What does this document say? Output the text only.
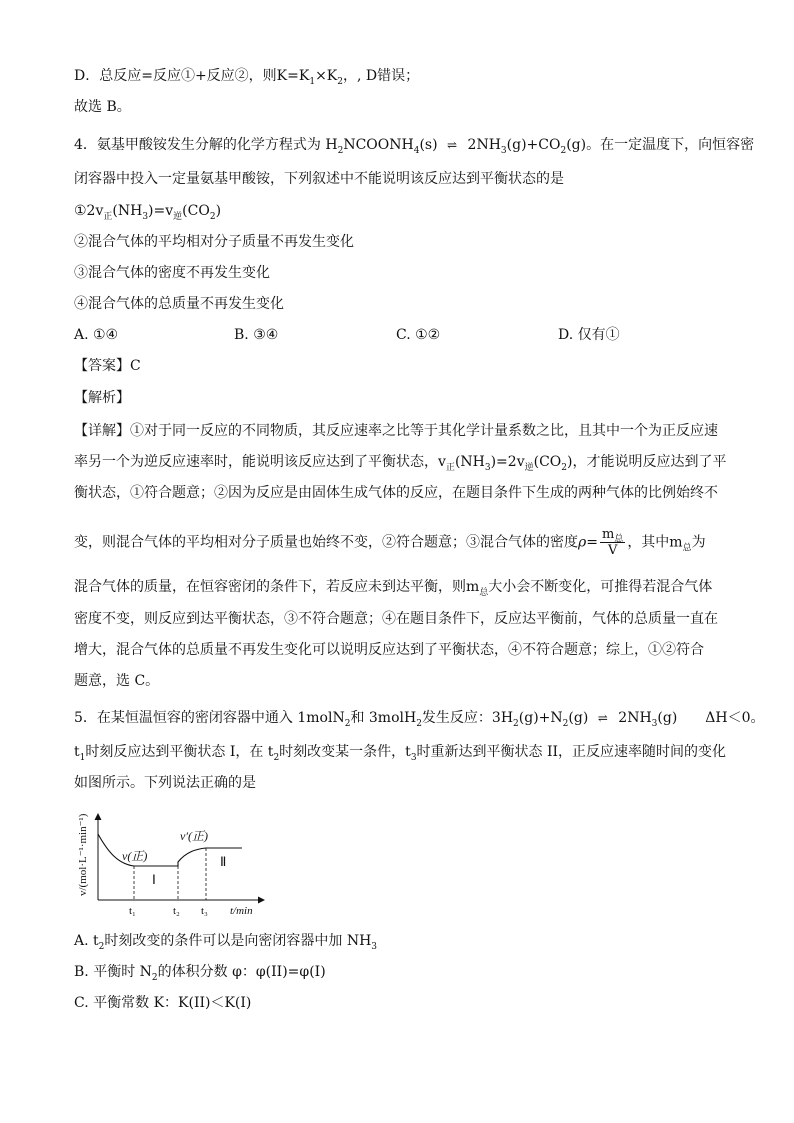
D．总反应=反应①+反应②，则$K=K_1\times K_2$，, D错误；
故选 B。
4．氨基甲酸铵发生分解的化学方程式为 $H_2NCOONH_4(s)$ ⇌ $2NH_3(g)+CO_2(g)$。在一定温度下，向恒容密
闭容器中投入一定量氨基甲酸铵，下列叙述中不能说明该反应达到平衡状态的是
$①2v_正(NH_3)=v_逆(CO_2)$
②混合气体的平均相对分子质量不再发生变化
③混合气体的密度不再发生变化
④混合气体的总质量不再发生变化
A. ①④	B. ③④	C. ①②	D. 仅有①
【答案】C
【解析】
【详解】①对于同一反应的不同物质，其反应速率之比等于其化学计量系数之比，且其中一个为正反应速
率另一个为逆反应速率时，能说明该反应达到了平衡状态，$v_正(NH_3)=2v_逆(CO_2)$，才能说明反应达到了平
衡状态，①符合题意；②因为反应是由固体生成气体的反应，在题目条件下生成的两种气体的比例始终不
变，则混合气体的平均相对分子质量也始终不变，②符合题意；③混合气体的密度$\rho= \frac{m_总}{V}$ ，其中$m_总$为
混合气体的质量，在恒容密闭的条件下，若反应未到达平衡，则$m_总$大小会不断变化，可推得若混合气体
密度不变，则反应到达平衡状态，③不符合题意；④在题目条件下，反应达平衡前，气体的总质量一直在
增大，混合气体的总质量不再发生变化可以说明反应达到了平衡状态，④不符合题意；综上，①②符合
题意，选 C。
5．在某恒温恒容的密闭容器中通入 1molN$_2$和 3molH$_2$发生反应：$3H_2(g)+N_2(g)$ ⇌ $2NH_3(g)$　　ΔH＜0。
$t_1$时刻反应达到平衡状态 I，在 $t_2$时刻改变某一条件，$t_3$时重新达到平衡状态 II，正反应速率随时间的变化
如图所示。下列说法正确的是
v/(mol·L⁻¹·min⁻¹)	v(正)
v′(正)
Ⅰ
Ⅱ
t₁	t₂ t₃ t/min
A. $t_2$时刻改变的条件可以是向密闭容器中加 $NH_3$
B. 平衡时 $N_2$的体积分数 φ：φ(II)=φ(I)
C. 平衡常数 K：K(II)＜K(I)
